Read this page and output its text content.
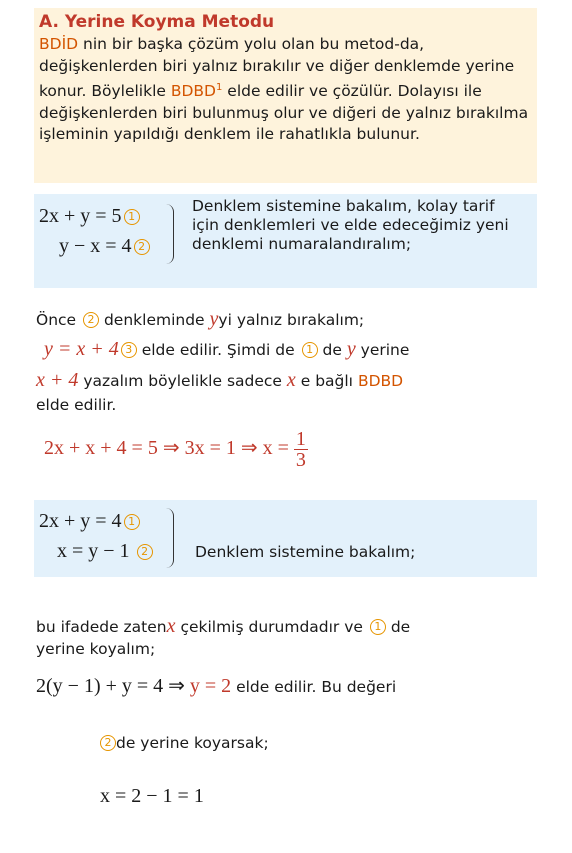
A. Yerine Koyma Metodu

BDİD nin bir başka çözüm yolu olan bu metod-da, değişkenlerden biri yalnız bırakılır ve diğer denklemde yerine konur. Böylelikle BDBD$^1$ elde edilir ve çözülür. Dolayısı ile değişkenlerden biri bulunmuş olur ve diğeri de yalnız bırakılma işleminin yapıldığı denklem ile rahatlıkla bulunur.

2x + y = 5 1
y − x = 4 2
Denklem sistemine bakalım, kolay tarif için denklemleri ve elde edeceğimiz yeni denklemi numaralandıralım;
Önce 2 denkleminde yyi yalnız bırakalım;
y = x + 4 3 elde edilir. Şimdi de 1 de y yerine
x + 4 yazalım böylelikle sadece x e bağlı BDBD
elde edilir.
2x + x + 4 = 5 ⇒ 3x = 1 ⇒ $x = \frac{1}{3}$
2x + y = 4 1
x = y − 1 2	Denklem sistemine bakalım;
bu ifadede zatenx çekilmiş durumdadır ve 1 de
yerine koyalım;
2(y − 1) + y = 4 ⇒ y = 2 elde edilir. Bu değeri
2 de yerine koyarsak;
x = 2 − 1 = 1
